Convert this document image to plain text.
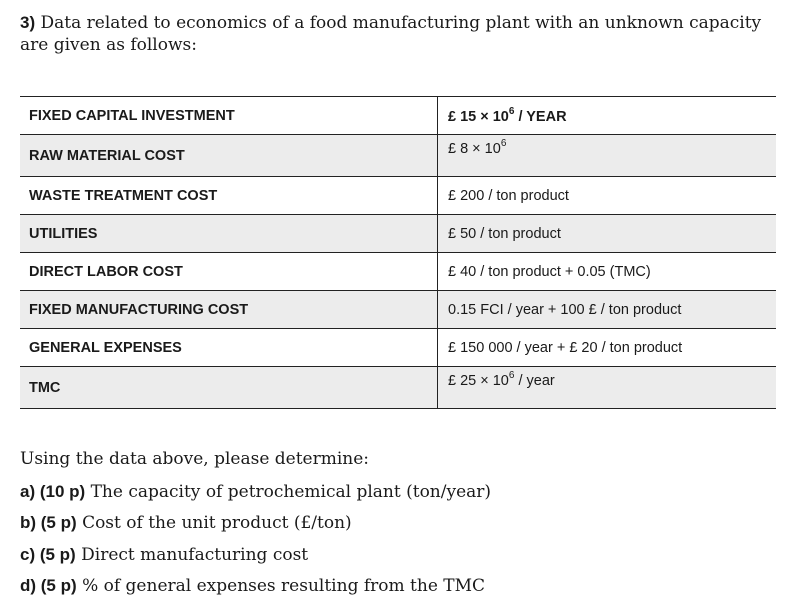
3) Data related to economics of a food manufacturing plant with an unknown capacity are given as follows:
FIXED CAPITAL INVESTMENT	£ $15 \times 10^6$ / YEAR
RAW MATERIAL COST	£ $8 \times 10^6$
WASTE TREATMENT COST	£ 200 / ton product
UTILITIES	£ 50 / ton product
DIRECT LABOR COST	£ 40 / ton product + 0.05 (TMC)
FIXED MANUFACTURING COST	0.15 FCI / year + 100 £ / ton product
GENERAL EXPENSES	£ 150 000 / year + £ 20 / ton product
TMC	£ $25 \times 10^6$ / year
Using the data above, please determine:
a) (10 p) The capacity of petrochemical plant (ton/year)
b) (5 p) Cost of the unit product (£/ton)
c) (5 p) Direct manufacturing cost
d) (5 p) % of general expenses resulting from the TMC
